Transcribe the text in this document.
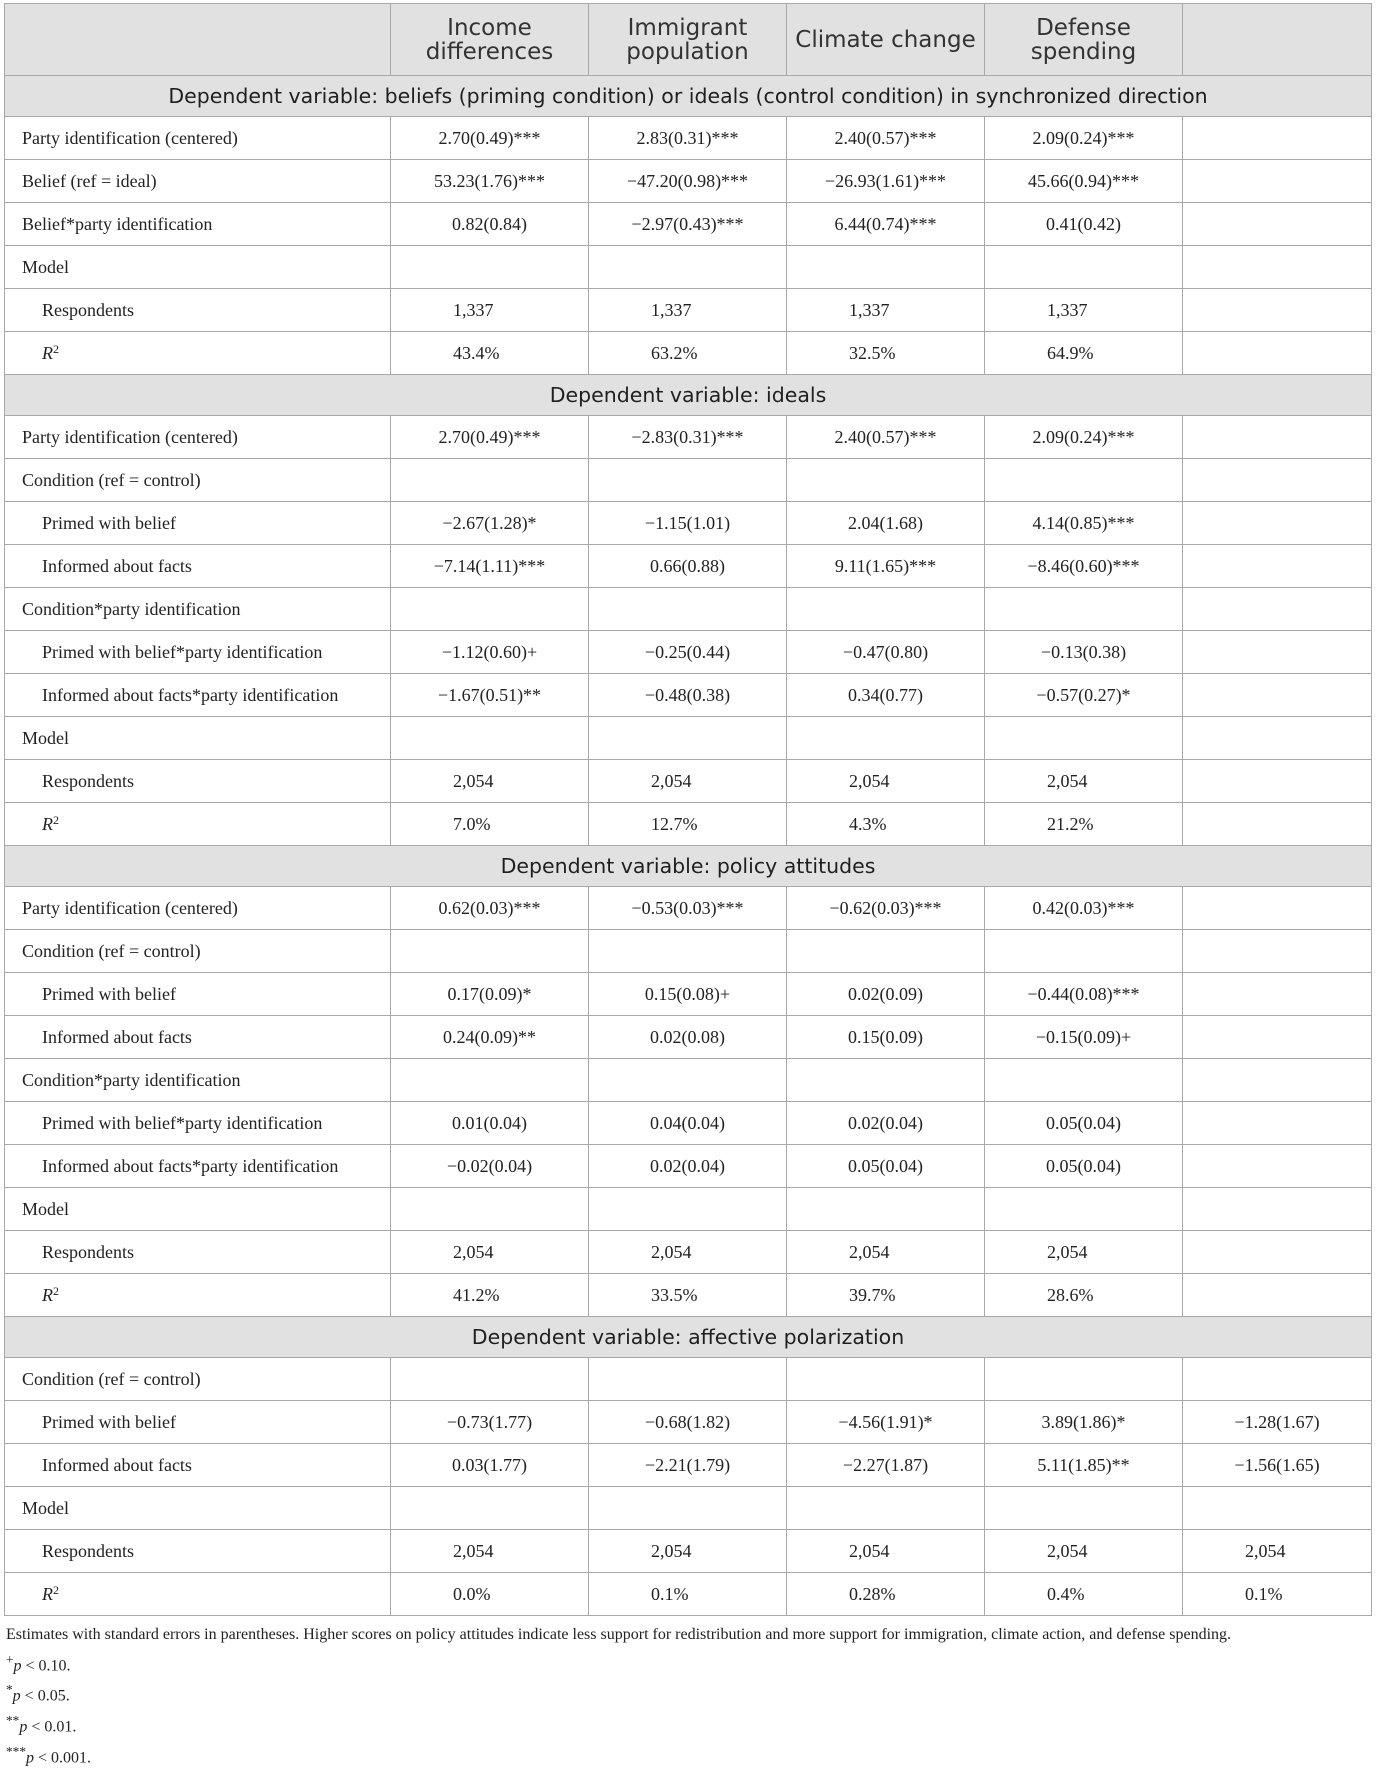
	Income differences	Immigrant population	Climate change	Defense spending	
Dependent variable: beliefs (priming condition) or ideals (control condition) in synchronized direction					
Party identification (centered)	2.70(0.49)***	2.83(0.31)***	2.40(0.57)***	2.09(0.24)***	
Belief (ref = ideal)	53.23(1.76)***	−47.20(0.98)***	−26.93(1.61)***	45.66(0.94)***	
Belief*party identification	0.82(0.84)	−2.97(0.43)***	6.44(0.74)***	0.41(0.42)	
Model					
Respondents	1,337	1,337	1,337	1,337	
$R^2$	43.4%	63.2%	32.5%	64.9%	
Dependent variable: ideals					
Party identification (centered)	2.70(0.49)***	−2.83(0.31)***	2.40(0.57)***	2.09(0.24)***	
Condition (ref = control)					
Primed with belief	−2.67(1.28)*	−1.15(1.01)	2.04(1.68)	4.14(0.85)***	
Informed about facts	−7.14(1.11)***	0.66(0.88)	9.11(1.65)***	−8.46(0.60)***	
Condition*party identification					
Primed with belief*party identification	−1.12(0.60)+	−0.25(0.44)	−0.47(0.80)	−0.13(0.38)	
Informed about facts*party identification	−1.67(0.51)**	−0.48(0.38)	0.34(0.77)	−0.57(0.27)*	
Model					
Respondents	2,054	2,054	2,054	2,054	
$R^2$	7.0%	12.7%	4.3%	21.2%	
Dependent variable: policy attitudes					
Party identification (centered)	0.62(0.03)***	−0.53(0.03)***	−0.62(0.03)***	0.42(0.03)***	
Condition (ref = control)					
Primed with belief	0.17(0.09)*	0.15(0.08)+	0.02(0.09)	−0.44(0.08)***	
Informed about facts	0.24(0.09)**	0.02(0.08)	0.15(0.09)	−0.15(0.09)+	
Condition*party identification					
Primed with belief*party identification	0.01(0.04)	0.04(0.04)	0.02(0.04)	0.05(0.04)	
Informed about facts*party identification	−0.02(0.04)	0.02(0.04)	0.05(0.04)	0.05(0.04)	
Model					
Respondents	2,054	2,054	2,054	2,054	
$R^2$	41.2%	33.5%	39.7%	28.6%	
Dependent variable: affective polarization					
Condition (ref = control)					
Primed with belief	−0.73(1.77)	−0.68(1.82)	−4.56(1.91)*	3.89(1.86)*	−1.28(1.67)
Informed about facts	0.03(1.77)	−2.21(1.79)	−2.27(1.87)	5.11(1.85)**	−1.56(1.65)
Model					
Respondents	2,054	2,054	2,054	2,054	2,054
$R^2$	0.0%	0.1%	0.28%	0.4%	0.1%
Estimates with standard errors in parentheses. Higher scores on policy attitudes indicate less support for redistribution and more support for immigration, climate action, and defense spending.
+p < 0.10.
*p < 0.05.
**p < 0.01.
***p < 0.001.
